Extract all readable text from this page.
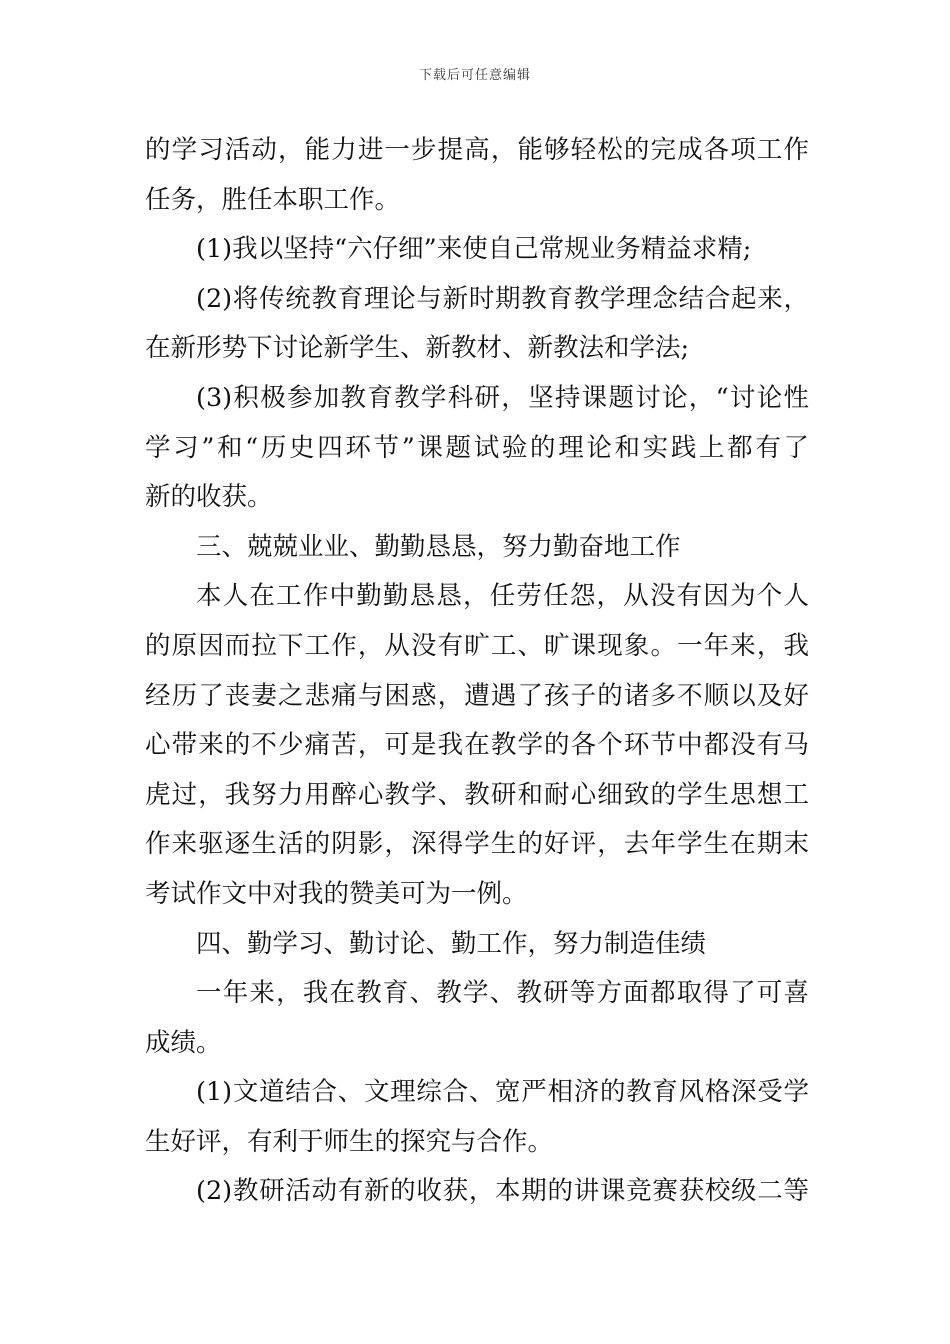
下载后可任意编辑
的学习活动，能力进一步提高，能够轻松的完成各项工作
任务，胜任本职工作。
(1)我以坚持“六仔细”来使自己常规业务精益求精;
(2)将传统教育理论与新时期教育教学理念结合起来，
在新形势下讨论新学生、新教材、新教法和学法;
(3)积极参加教育教学科研，坚持课题讨论，“讨论性
学习”和“历史四环节”课题试验的理论和实践上都有了
新的收获。
三、兢兢业业、勤勤恳恳，努力勤奋地工作
本人在工作中勤勤恳恳，任劳任怨，从没有因为个人
的原因而拉下工作，从没有旷工、旷课现象。一年来，我
经历了丧妻之悲痛与困惑，遭遇了孩子的诸多不顺以及好
心带来的不少痛苦，可是我在教学的各个环节中都没有马
虎过，我努力用醉心教学、教研和耐心细致的学生思想工
作来驱逐生活的阴影，深得学生的好评，去年学生在期末
考试作文中对我的赞美可为一例。
四、勤学习、勤讨论、勤工作，努力制造佳绩
一年来，我在教育、教学、教研等方面都取得了可喜
成绩。
(1)文道结合、文理综合、宽严相济的教育风格深受学
生好评，有利于师生的探究与合作。
(2)教研活动有新的收获，本期的讲课竞赛获校级二等
